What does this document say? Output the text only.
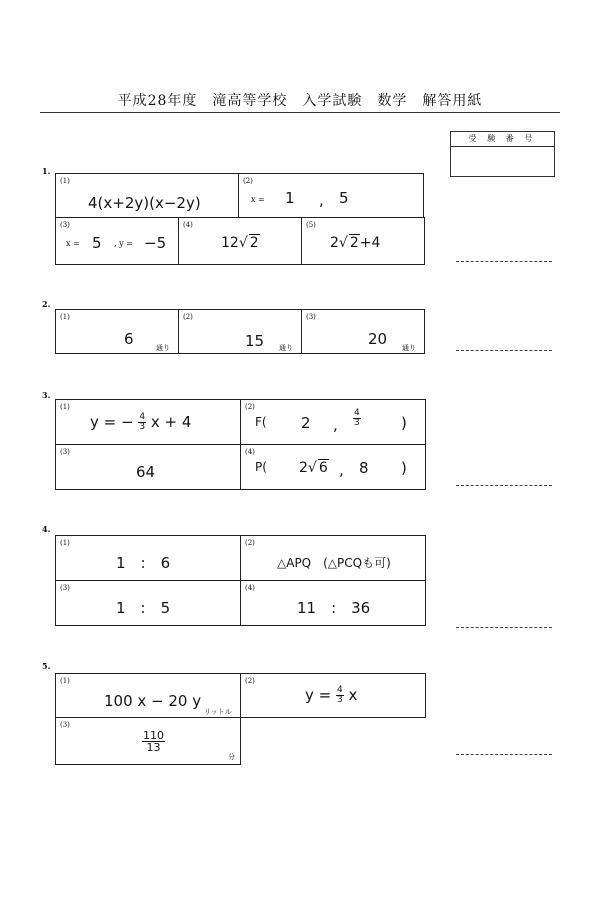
平成28年度　滝高等学校　入学試験　数学　解答用紙
受 験 番 号
1.
(1)
4(x+2y)(x−2y)
(2)
x = 1 , 5
(3)
x = 5 , y = −5
(4)
12√ 2
(5)
2√ 2+4
2.
(1)
6	通り
(2)
15 通り
(3)
20 通り
3.
(1)
y = − $\frac{4}{3}$ x + 4
(2)
F( 2 , $\frac{4}{3}$	)
(3)
64
(4)
P( 2√ 6 , 8 )
4.
(1)
1　:　6
(2)
△APQ　(△PCQも可)
(3)
1　:　5
(4)
11　:　36
5.
(1)
100 x − 20 y
リットル
(2)
$y = \frac{4}{3}$ x
(3)
$\frac{110}{13}$
分
